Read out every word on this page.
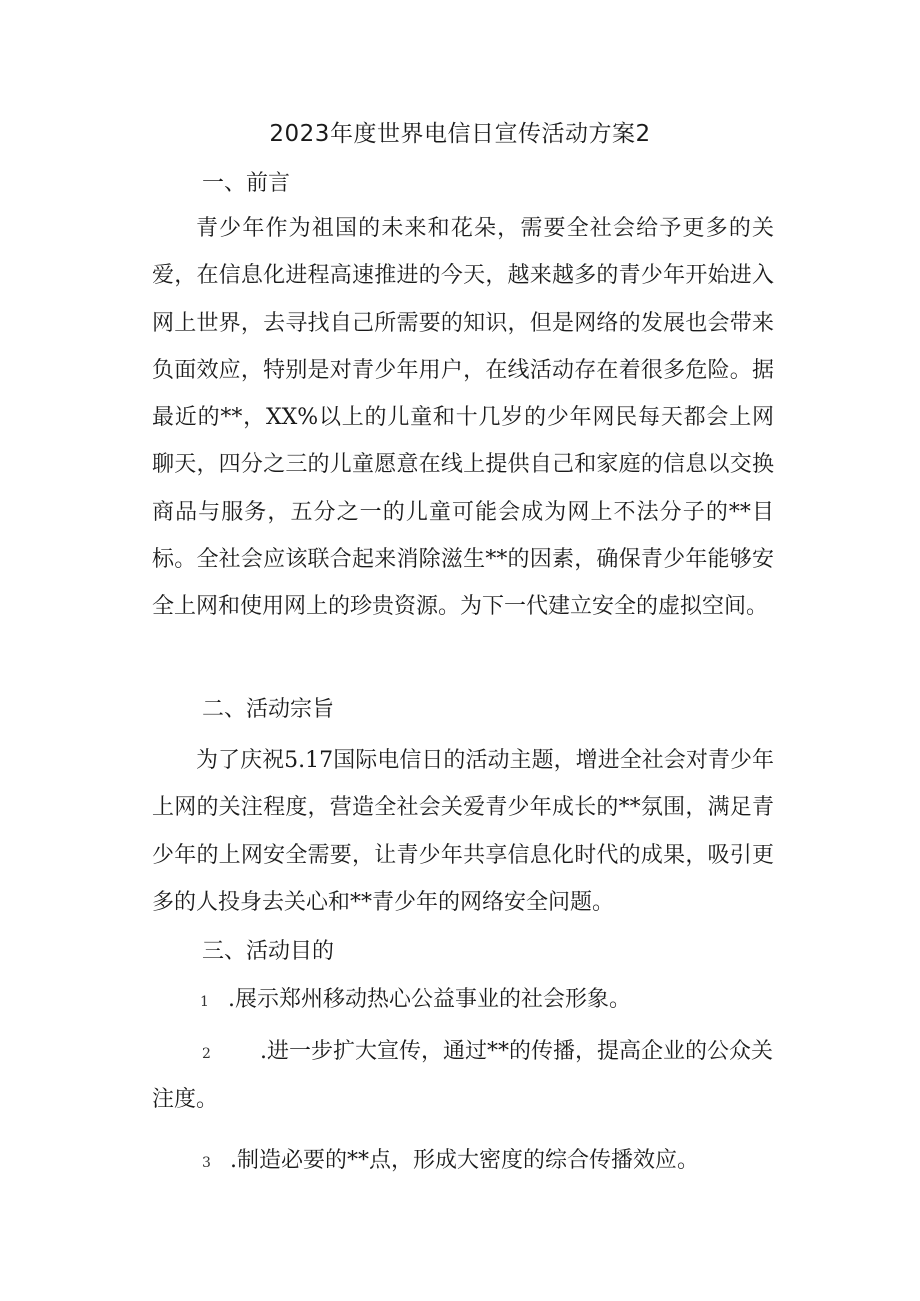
2023年度世界电信日宣传活动方案2
一、前言

青少年作为祖国的未来和花朵，需要全社会给予更多的关爱，在信息化进程高速推进的今天，越来越多的青少年开始进入网上世界，去寻找自己所需要的知识，但是网络的发展也会带来负面效应，特别是对青少年用户，在线活动存在着很多危险。据最近的**，XX%以上的儿童和十几岁的少年网民每天都会上网聊天，四分之三的儿童愿意在线上提供自己和家庭的信息以交换商品与服务，五分之一的儿童可能会成为网上不法分子的**目标。全社会应该联合起来消除滋生**的因素，确保青少年能够安全上网和使用网上的珍贵资源。为下一代建立安全的虚拟空间。

二、活动宗旨

为了庆祝5.17国际电信日的活动主题，增进全社会对青少年上网的关注程度，营造全社会关爱青少年成长的**氛围，满足青少年的上网安全需要，让青少年共享信息化时代的成果，吸引更多的人投身去关心和**青少年的网络安全问题。

三、活动目的

1 .展示郑州移动热心公益事业的社会形象。

2 .进一步扩大宣传，通过**的传播，提高企业的公众关注度。

3 .制造必要的**点，形成大密度的综合传播效应。
